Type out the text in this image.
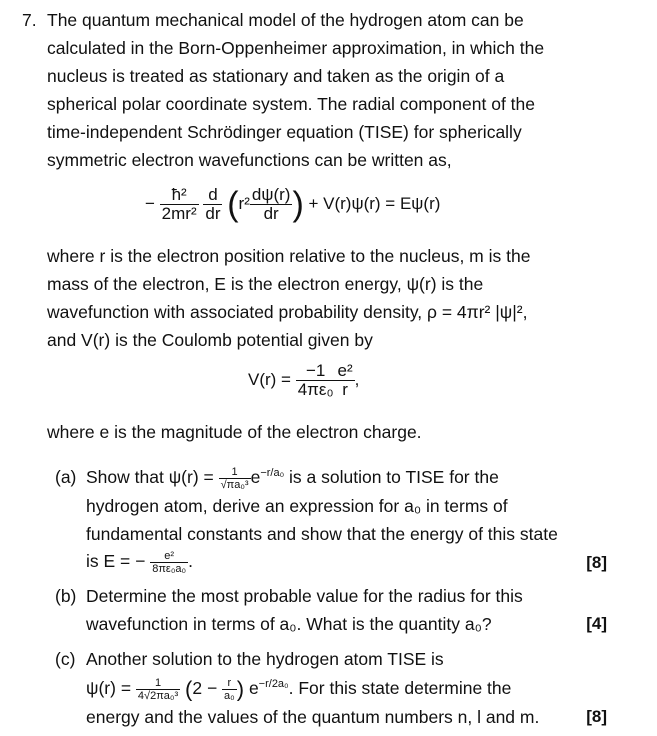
7. The quantum mechanical model of the hydrogen atom can be
calculated in the Born-Oppenheimer approximation, in which the
nucleus is treated as stationary and taken as the origin of a
spherical polar coordinate system. The radial component of the
time-independent Schrödinger equation (TISE) for spherically
symmetric electron wavefunctions can be written as,
− $\frac{\text{ħ²}}{\text{2mr²}}$
$\frac{d}{dr} (r^2 \frac{d\psi(r)}{dr}$ ) + V(r)ψ(r) = Eψ(r)
where r is the electron position relative to the nucleus, m is the
mass of the electron, E is the electron energy, ψ(r) is the
wavefunction with associated probability density, ρ = 4πr² |ψ|²,
and V(r) is the Coulomb potential given by
$V(r) = \frac{-1}{\text{4πε₀}} \frac{\text{e²}}{r}$ ,
where e is the magnitude of the electron charge.
(a) Show that $\psi(r) = \frac{1}{\text{√πa₀³}} e^{-r/a_0}$ is a solution to TISE for the
hydrogen atom, derive an expression for a₀ in terms of
fundamental constants and show that the energy of this state
is E = − $\frac{\text{e²}}{\text{8πε₀a₀}}$ .	[8]
(b) Determine the most probable value for the radius for this
wavefunction in terms of a₀. What is the quantity a₀?	[4]
(c) Another solution to the hydrogen atom TISE is
$\psi(r) = \frac{1}{\text{4√2πa₀³}} (2 - \frac{r}{\text{a₀}}$ ) $e^{-r/2a_0}$. For this state determine the
energy and the values of the quantum numbers n, l and m.	[8]
